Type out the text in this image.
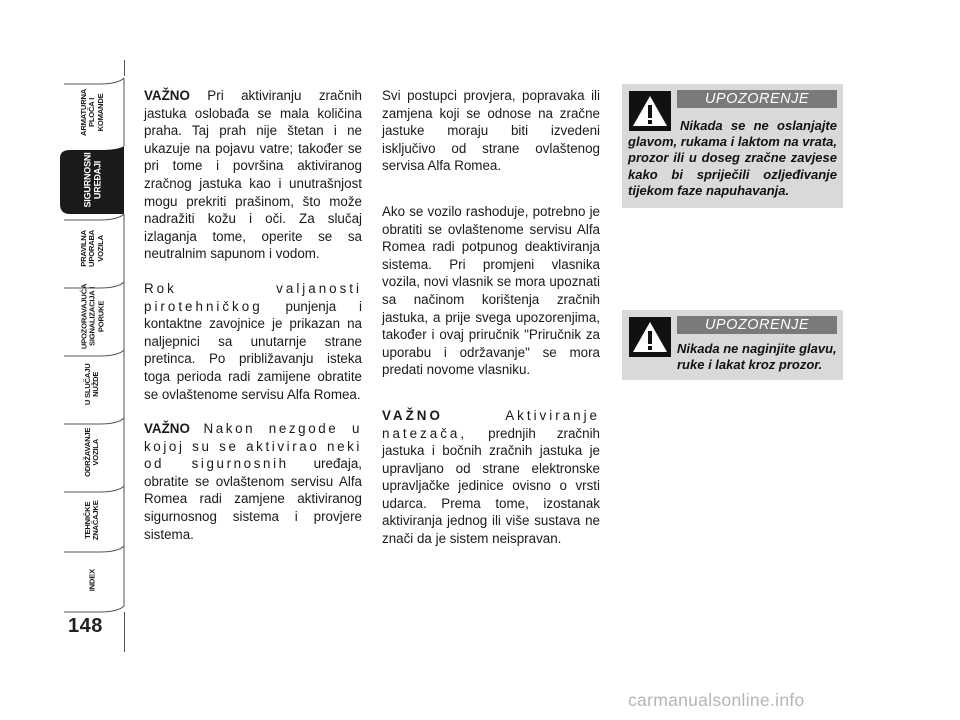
ARMATURNA
PLOČA I
KOMANDE
SIGURNOSNI
UREĐAJI
PRAVILNA
UPORABA
VOZILA
UPOZORAVAJUĆA
SIGNALIZACIJA I
PORUKE
U SLUČAJU
NUŽDE
ODRŽAVANJE
VOZILA
TEHNIČKE
ZNAČAJKE
INDEX
148

VAŽNO Pri aktiviranju zračnih jastuka oslobađa se mala količina praha. Taj prah nije štetan i ne ukazuje na pojavu vatre; također se pri tome i površina aktiviranog zračnog jastuka kao i unutrašnjost mogu prekriti prašinom, što može nadražiti kožu i oči. Za slučaj izlaganja tome, operite se sa neutralnim sapunom i vodom.

Rok valjanosti pirotehničkog punjenja i kontaktne zavojnice je prikazan na naljepnici sa unutarnje strane pretinca. Po približavanju isteka toga perioda radi zamijene obratite se ovlaštenome servisu Alfa Romea.

VAŽNO Nakon nezgode u kojoj su se aktivirao neki od sigurnosnih uređaja, obratite se ovlaštenom servisu Alfa Romea radi zamjene aktiviranog sigurnosnog sistema i provjere sistema.

Svi postupci provjera, popravaka ili zamjena koji se odnose na zračne jastuke moraju biti izvedeni isključivo od strane ovlaštenog servisa Alfa Romea.

Ako se vozilo rashoduje, potrebno je obratiti se ovlaštenome servisu Alfa Romea radi potpunog deaktiviranja sistema. Pri promjeni vlasnika vozila, novi vlasnik se mora upoznati sa načinom korištenja zračnih jastuka, a prije svega upozorenjima, također i ovaj priručnik "Priručnik za uporabu i održavanje" se mora predati novome vlasniku.

VAŽNO Aktiviranje natezača, prednjih zračnih jastuka i bočnih zračnih jastuka je upravljano od strane elektronske upravljačke jedinice ovisno o vrsti udarca. Prema tome, izostanak aktiviranja jednog ili više sustava ne znači da je sistem neispravan.

UPOZORENJE
Nikada se ne oslanjajte glavom, rukama i laktom na vrata, prozor ili u doseg zračne zavjese kako bi spriječili ozljeđivanje tijekom faze napuhavanja.
UPOZORENJE
Nikada ne naginjite glavu, ruke i lakat kroz prozor.
carmanualsonline.info
